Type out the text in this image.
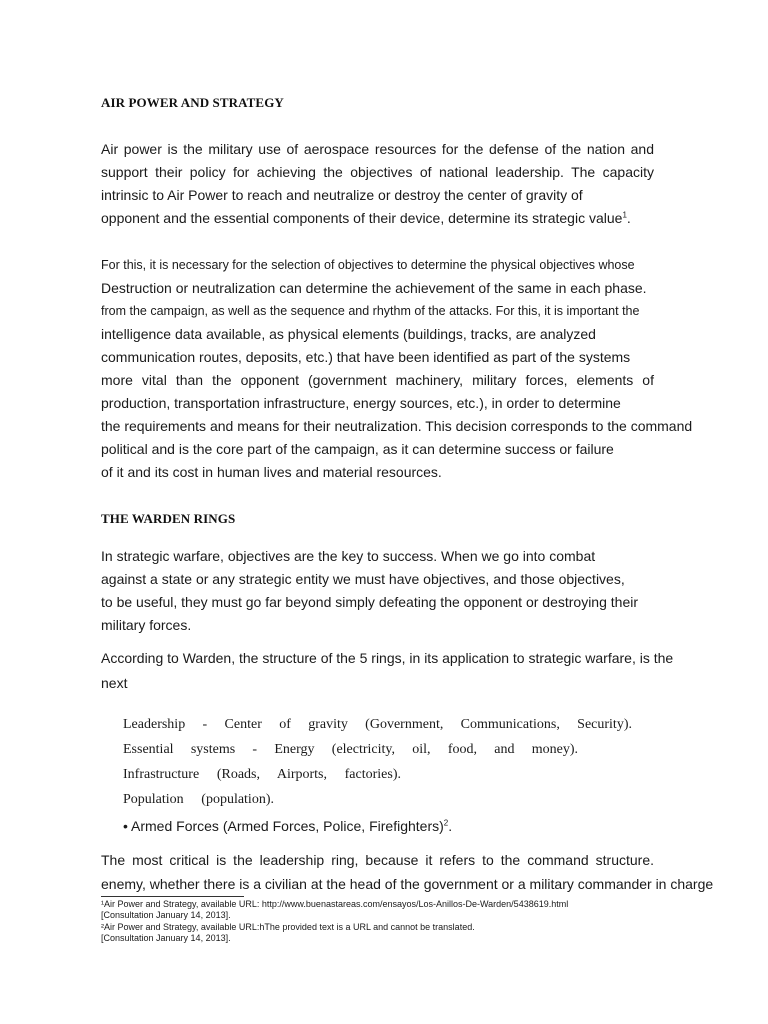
AIR POWER AND STRATEGY
Air power is the military use of aerospace resources for the defense of the nation and
support their policy for achieving the objectives of national leadership. The capacity
intrinsic to Air Power to reach and neutralize or destroy the center of gravity of
opponent and the essential components of their device, determine its strategic value$^1$.
For this, it is necessary for the selection of objectives to determine the physical objectives whose
Destruction or neutralization can determine the achievement of the same in each phase.
from the campaign, as well as the sequence and rhythm of the attacks. For this, it is important the
intelligence data available, as physical elements (buildings, tracks, are analyzed
communication routes, deposits, etc.) that have been identified as part of the systems
more vital than the opponent (government machinery, military forces, elements of
production, transportation infrastructure, energy sources, etc.), in order to determine
the requirements and means for their neutralization. This decision corresponds to the command
political and is the core part of the campaign, as it can determine success or failure
of it and its cost in human lives and material resources.
THE WARDEN RINGS
In strategic warfare, objectives are the key to success. When we go into combat
against a state or any strategic entity we must have objectives, and those objectives,
to be useful, they must go far beyond simply defeating the opponent or destroying their
military forces.
According to Warden, the structure of the 5 rings, in its application to strategic warfare, is the
next
Leadership - Center of gravity (Government, Communications, Security).
Essential systems - Energy (electricity, oil, food, and money).
Infrastructure (Roads, Airports, factories).
Population (population).
• Armed Forces (Armed Forces, Police, Firefighters)$^2$.
The most critical is the leadership ring, because it refers to the command structure.
enemy, whether there is a civilian at the head of the government or a military commander in charge
¹Air Power and Strategy, available URL: http://www.buenastareas.com/ensayos/Los-Anillos-De-Warden/5438619.html
[Consultation January 14, 2013].
²Air Power and Strategy, available URL:hThe provided text is a URL and cannot be translated.
[Consultation January 14, 2013].
